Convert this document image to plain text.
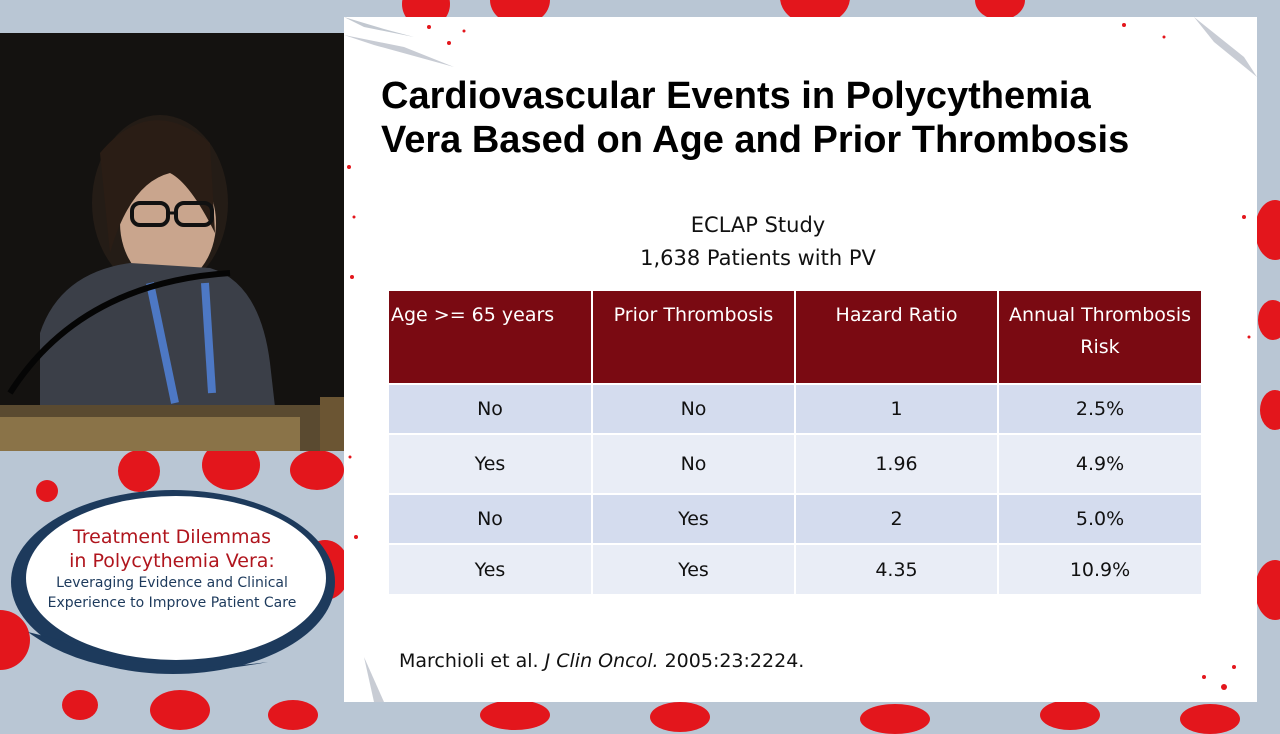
Cardiovascular Events in Polycythemia
Vera Based on Age and Prior Thrombosis
ECLAP Study
1,638 Patients with PV
Age >= 65 years	Prior Thrombosis	Hazard Ratio	Annual Thrombosis Risk
No	No	1	2.5%
Yes	No	1.96	4.9%
No	Yes	2	5.0%
Yes	Yes	4.35	10.9%
Marchioli et al. J Clin Oncol. 2005:23:2224.
Treatment Dilemmas
in Polycythemia Vera:
Leveraging Evidence and Clinical
Experience to Improve Patient Care
